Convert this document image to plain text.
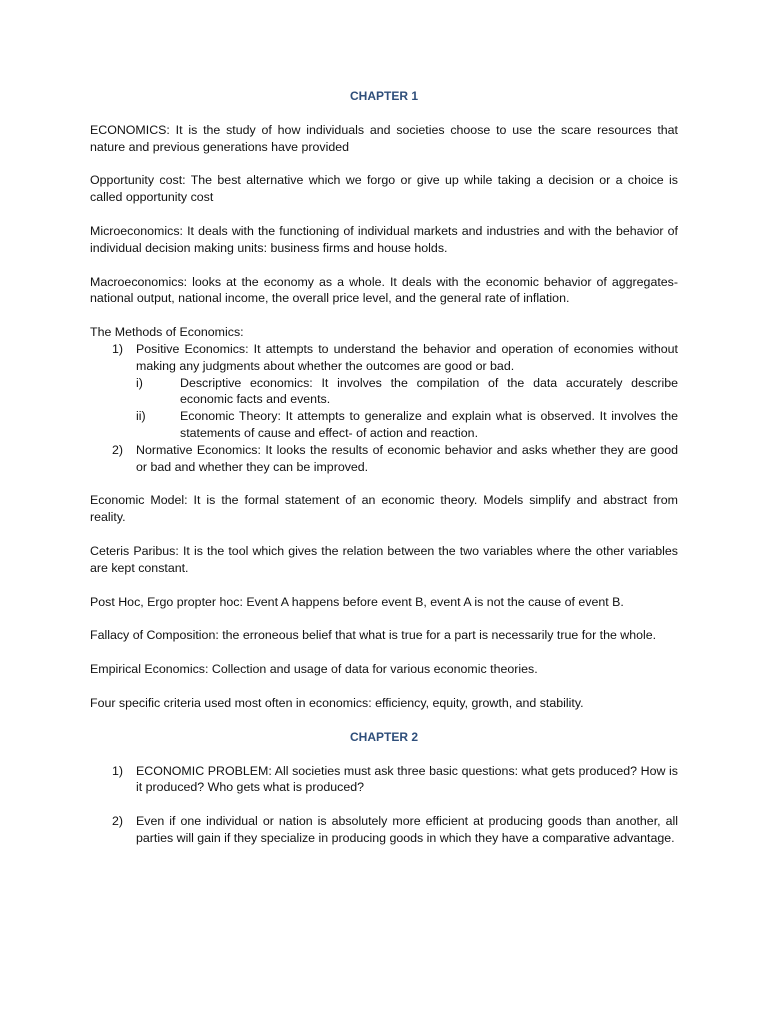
CHAPTER 1

ECONOMICS: It is the study of how individuals and societies choose to use the scare resources that nature and previous generations have provided

Opportunity cost: The best alternative which we forgo or give up while taking a decision or a choice is called opportunity cost

Microeconomics: It deals with the functioning of individual markets and industries and with the behavior of individual decision making units: business firms and house holds.

Macroeconomics: looks at the economy as a whole. It deals with the economic behavior of aggregates-national output, national income, the overall price level, and the general rate of inflation.

The Methods of Economics:

1)	Positive Economics: It attempts to understand the behavior and operation of economies without making any judgments about whether the outcomes are good or bad.
i)	Descriptive economics: It involves the compilation of the data accurately describe economic facts and events.
ii)	Economic Theory: It attempts to generalize and explain what is observed. It involves the statements of cause and effect- of action and reaction.
2)	Normative Economics: It looks the results of economic behavior and asks whether they are good or bad and whether they can be improved.

Economic Model: It is the formal statement of an economic theory. Models simplify and abstract from reality.

Ceteris Paribus: It is the tool which gives the relation between the two variables where the other variables are kept constant.

Post Hoc, Ergo propter hoc: Event A happens before event B, event A is not the cause of event B.

Fallacy of Composition: the erroneous belief that what is true for a part is necessarily true for the whole.

Empirical Economics: Collection and usage of data for various economic theories.

Four specific criteria used most often in economics: efficiency, equity, growth, and stability.

CHAPTER 2

1)	ECONOMIC PROBLEM: All societies must ask three basic questions: what gets produced? How is it produced? Who gets what is produced?
2)	Even if one individual or nation is absolutely more efficient at producing goods than another, all parties will gain if they specialize in producing goods in which they have a comparative advantage.
